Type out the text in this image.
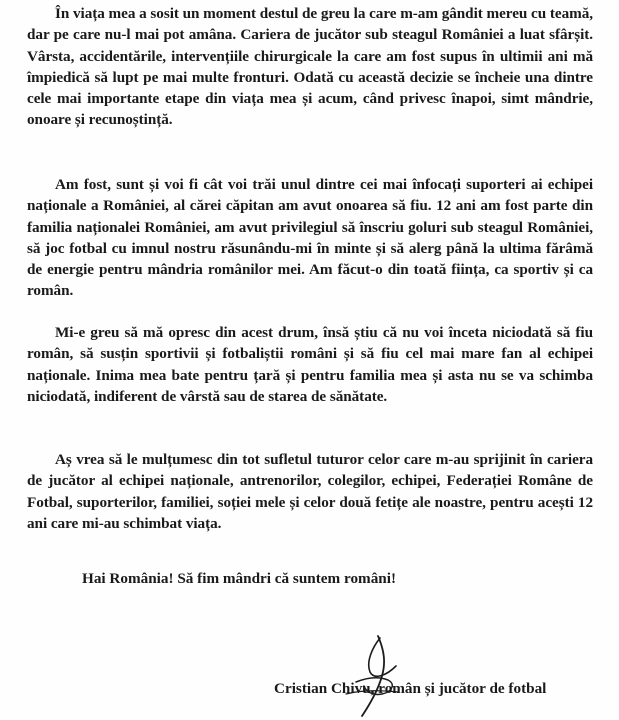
În viața mea a sosit un moment destul de greu la care m-am gândit mereu cu teamă, dar pe care nu-l mai pot amâna. Cariera de jucător sub steagul României a luat sfârșit. Vârsta, accidentările, intervențiile chirurgicale la care am fost supus în ultimii ani mă împiedică să lupt pe mai multe fronturi. Odată cu această decizie se încheie una dintre cele mai importante etape din viața mea și acum, când privesc înapoi, simt mândrie, onoare și recunoștință.

Am fost, sunt și voi fi cât voi trăi unul dintre cei mai înfocați suporteri ai echipei naționale a României, al cărei căpitan am avut onoarea să fiu. 12 ani am fost parte din familia naționalei României, am avut privilegiul să înscriu goluri sub steagul României, să joc fotbal cu imnul nostru răsunându-mi în minte și să alerg până la ultima fărâmă de energie pentru mândria românilor mei. Am făcut-o din toată ființa, ca sportiv și ca român.

Mi-e greu să mă opresc din acest drum, însă știu că nu voi înceta niciodată să fiu român, să susțin sportivii și fotbaliștii români și să fiu cel mai mare fan al echipei naționale. Inima mea bate pentru țară și pentru familia mea și asta nu se va schimba niciodată, indiferent de vârstă sau de starea de sănătate.

Aș vrea să le mulțumesc din tot sufletul tuturor celor care m-au sprijinit în cariera de jucător al echipei naționale, antrenorilor, colegilor, echipei, Federației Române de Fotbal, suporterilor, familiei, soției mele și celor două fetițe ale noastre, pentru acești 12 ani care mi-au schimbat viața.

Hai România! Să fim mândri că suntem români!

Cristian Chivu, român și jucător de fotbal
